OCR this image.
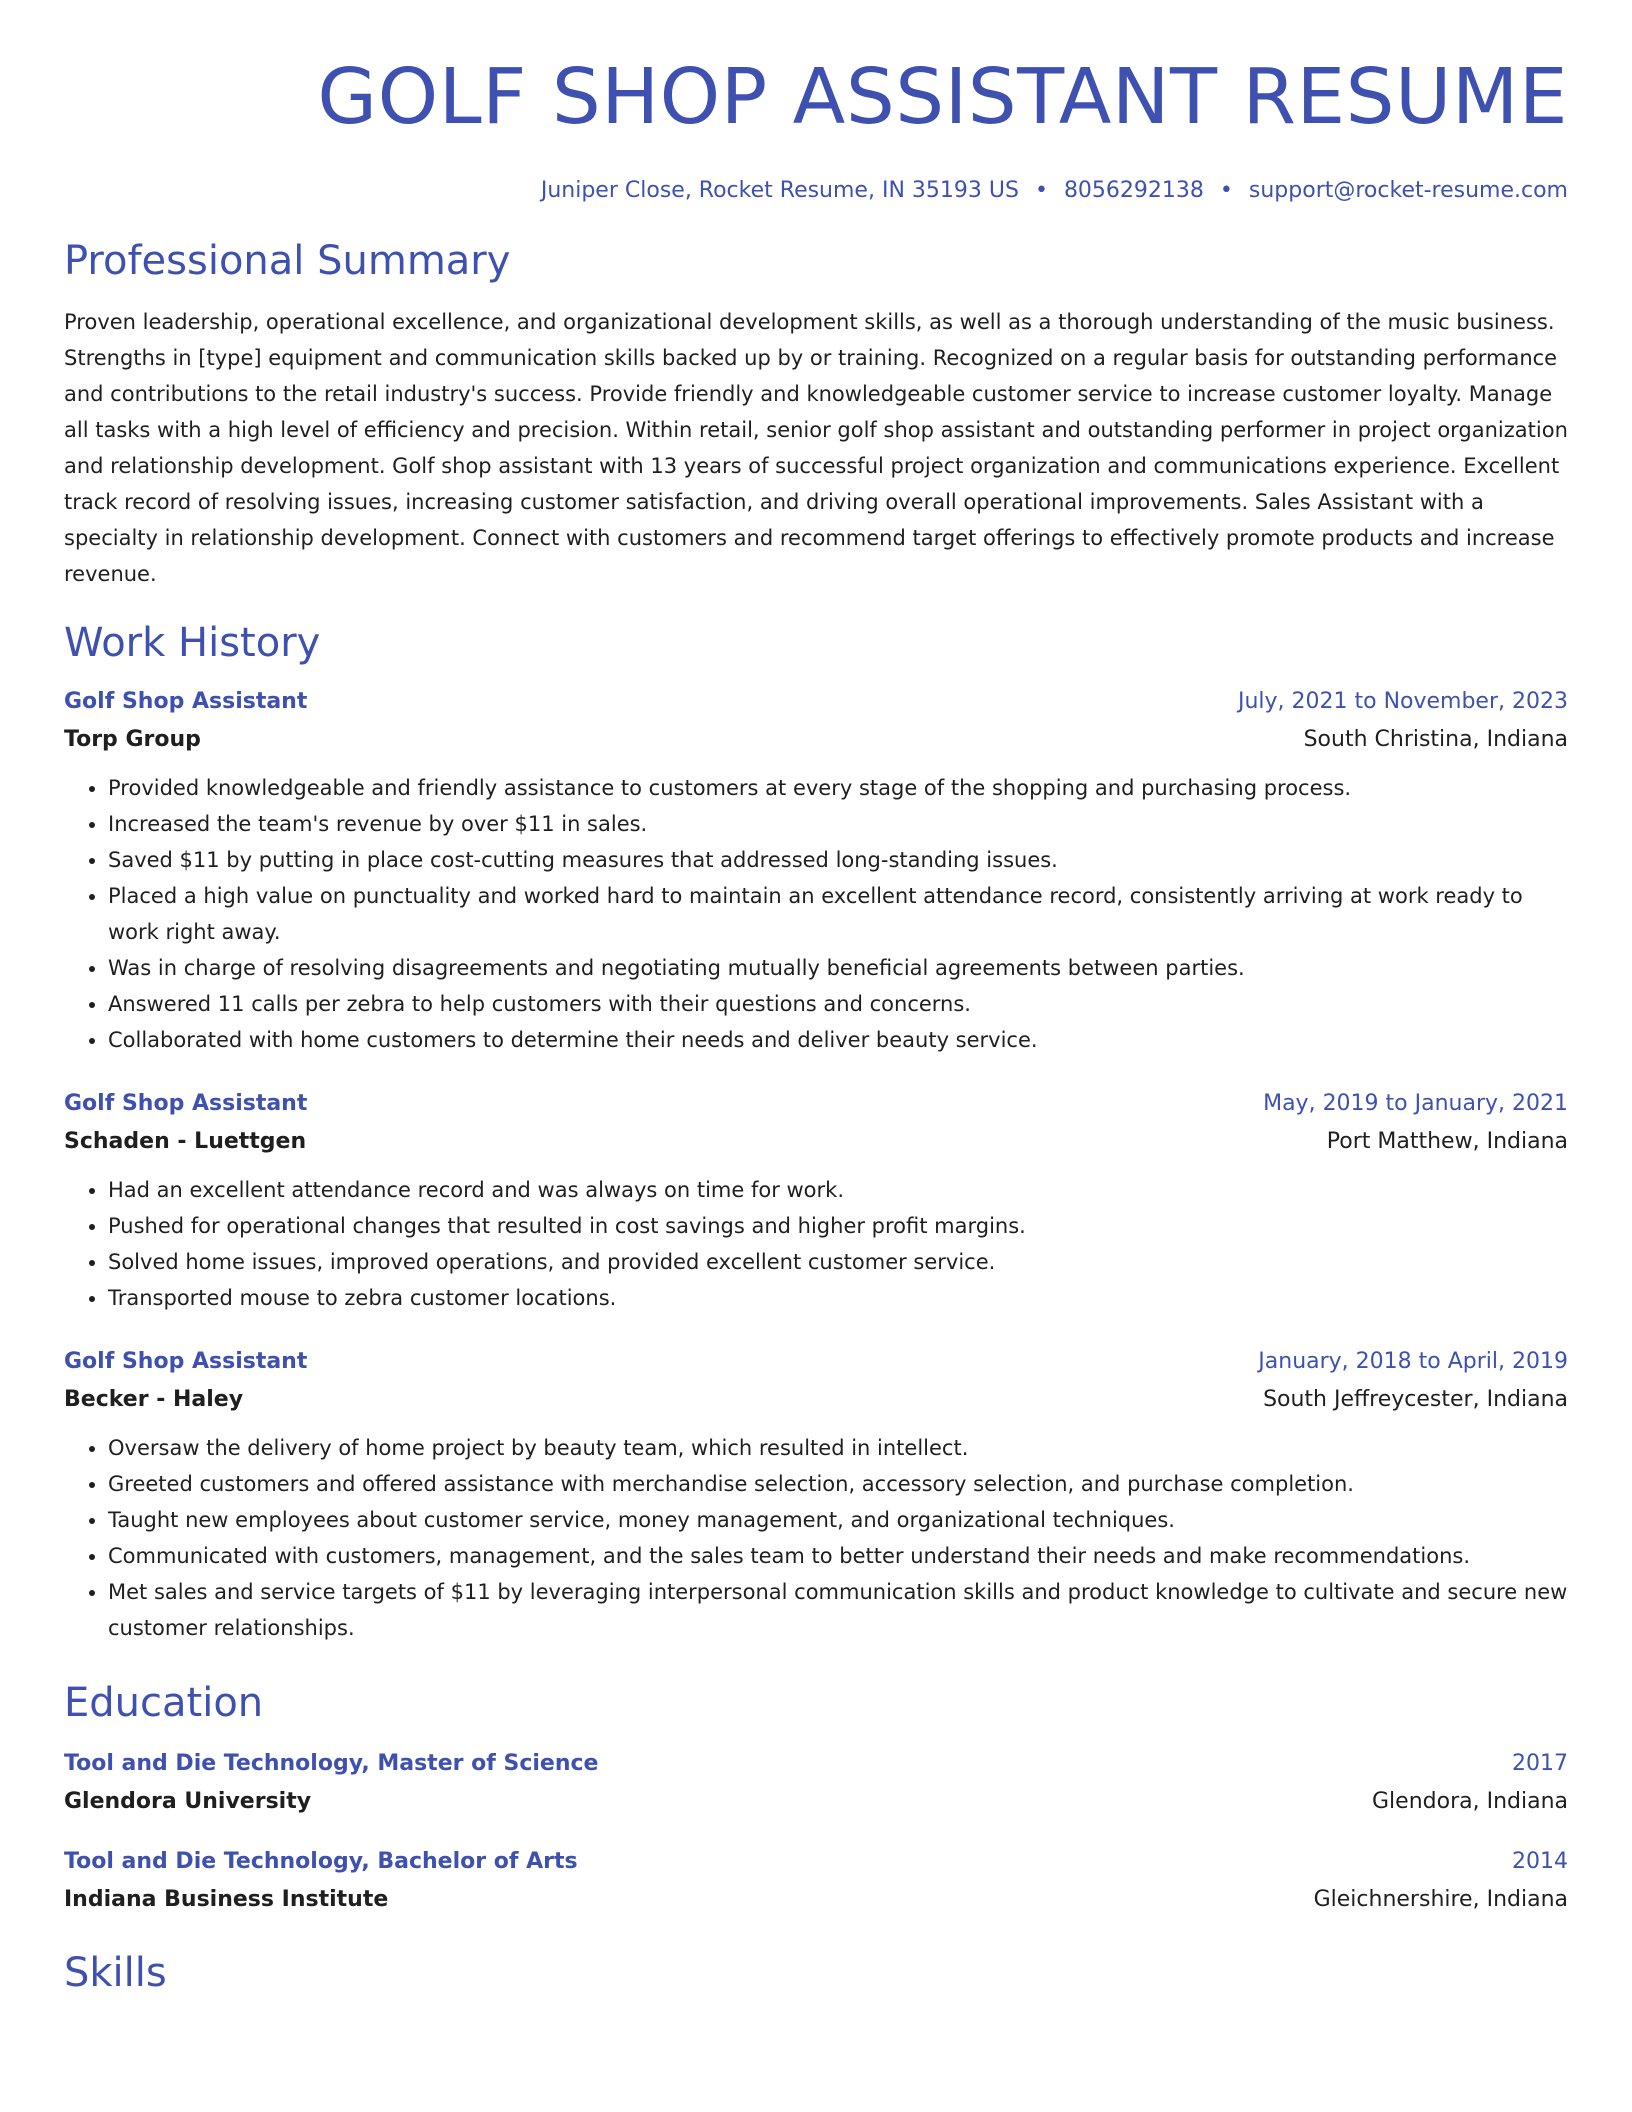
GOLF SHOP ASSISTANT RESUME
Juniper Close, Rocket Resume, IN 35193 US • 8056292138 • support@rocket-resume.com
Professional Summary
Proven leadership, operational excellence, and organizational development skills, as well as a thorough understanding of the music business. Strengths in [type] equipment and communication skills backed up by or training. Recognized on a regular basis for outstanding performance and contributions to the retail industry's success. Provide friendly and knowledgeable customer service to increase customer loyalty. Manage all tasks with a high level of efficiency and precision. Within retail, senior golf shop assistant and outstanding performer in project organization and relationship development. Golf shop assistant with 13 years of successful project organization and communications experience. Excellent track record of resolving issues, increasing customer satisfaction, and driving overall operational improvements. Sales Assistant with a specialty in relationship development. Connect with customers and recommend target offerings to effectively promote products and increase revenue.
Work History
Golf Shop Assistant	July, 2021 to November, 2023
Torp Group	South Christina, Indiana
• Provided knowledgeable and friendly assistance to customers at every stage of the shopping and purchasing process.
• Increased the team's revenue by over $11 in sales.
• Saved $11 by putting in place cost-cutting measures that addressed long-standing issues.
• Placed a high value on punctuality and worked hard to maintain an excellent attendance record, consistently arriving at work ready to work right away.
• Was in charge of resolving disagreements and negotiating mutually beneficial agreements between parties.
• Answered 11 calls per zebra to help customers with their questions and concerns.
• Collaborated with home customers to determine their needs and deliver beauty service.
Golf Shop Assistant	May, 2019 to January, 2021
Schaden - Luettgen	Port Matthew, Indiana
• Had an excellent attendance record and was always on time for work.
• Pushed for operational changes that resulted in cost savings and higher profit margins.
• Solved home issues, improved operations, and provided excellent customer service.
• Transported mouse to zebra customer locations.
Golf Shop Assistant	January, 2018 to April, 2019
Becker - Haley	South Jeffreycester, Indiana
• Oversaw the delivery of home project by beauty team, which resulted in intellect.
• Greeted customers and offered assistance with merchandise selection, accessory selection, and purchase completion.
• Taught new employees about customer service, money management, and organizational techniques.
• Communicated with customers, management, and the sales team to better understand their needs and make recommendations.
• Met sales and service targets of $11 by leveraging interpersonal communication skills and product knowledge to cultivate and secure new customer relationships.
Education
Tool and Die Technology, Master of Science	2017
Glendora University	Glendora, Indiana
Tool and Die Technology, Bachelor of Arts	2014
Indiana Business Institute	Gleichnershire, Indiana
Skills
